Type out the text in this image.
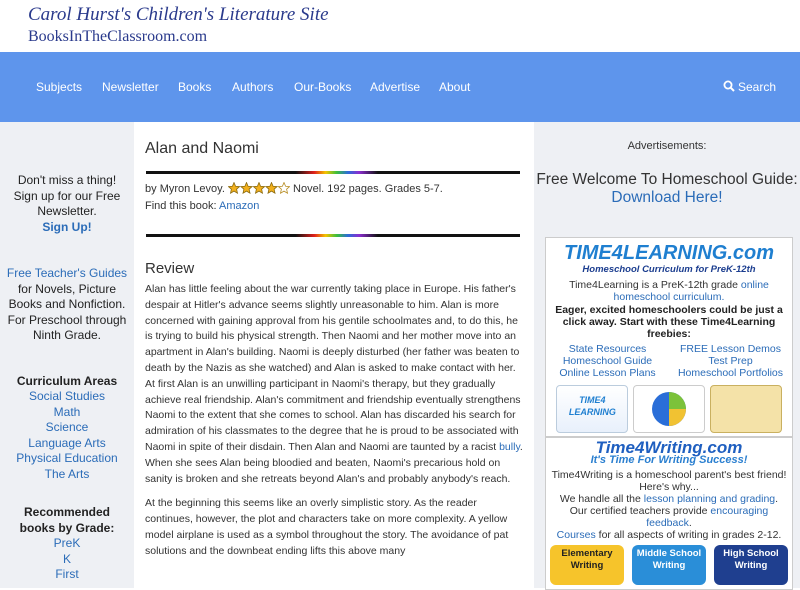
Carol Hurst's Children's Literature Site
BooksInTheClassroom.com
Subjects Newsletter Books Authors Our-Books Advertise About	Search
Don't miss a thing!
Sign up for our Free
Newsletter.
Sign Up!
Free Teacher's Guides
for Novels, Picture
Books and Nonfiction.
For Preschool through
Ninth Grade.
Curriculum Areas
Social Studies
Math
Science
Language Arts
Physical Education
The Arts
Recommended
books by Grade:
PreK
K
First
Alan and Naomi
by Myron Levoy.	Novel. 192 pages. Grades 5-7.
Find this book: Amazon
Review

Alan has little feeling about the war currently taking place in Europe. His father's despair at Hitler's advance seems slightly unreasonable to him. Alan is more concerned with gaining approval from his gentile schoolmates and, to do this, he is trying to build his physical strength. Then Naomi and her mother move into an apartment in Alan's building. Naomi is deeply disturbed (her father was beaten to death by the Nazis as she watched) and Alan is asked to make contact with her. At first Alan is an unwilling participant in Naomi's therapy, but they gradually achieve real friendship. Alan's commitment and friendship eventually strengthens Naomi to the extent that she comes to school. Alan has discarded his search for admiration of his classmates to the degree that he is proud to be associated with Naomi in spite of their disdain. Then Alan and Naomi are taunted by a racist bully. When she sees Alan being bloodied and beaten, Naomi's precarious hold on sanity is broken and she retreats beyond Alan's and probably anybody's reach.

At the beginning this seems like an overly simplistic story. As the reader continues, however, the plot and characters take on more complexity. A yellow model airplane is used as a symbol throughout the story. The avoidance of pat solutions and the downbeat ending lifts this above many

Advertisements:
Free Welcome To Homeschool Guide: Download Here!
TIME4LEARNING.com
Homeschool Curriculum for PreK-12th
Time4Learning is a PreK-12th grade online homeschool curriculum.
Eager, excited homeschoolers could be just a click away. Start with these Time4Learning freebies:
State Resources	FREE Lesson Demos
Homeschool Guide	Test Prep
Online Lesson Plans	Homeschool Portfolios
TIME4
LEARNING
Time4Writing.com
It's Time For Writing Success!
Time4Writing is a homeschool parent's best friend! Here's why...
We handle all the lesson planning and grading.
Our certified teachers provide encouraging feedback.
Courses for all aspects of writing in grades 2-12.
Elementary Writing
Middle School Writing
High School Writing
